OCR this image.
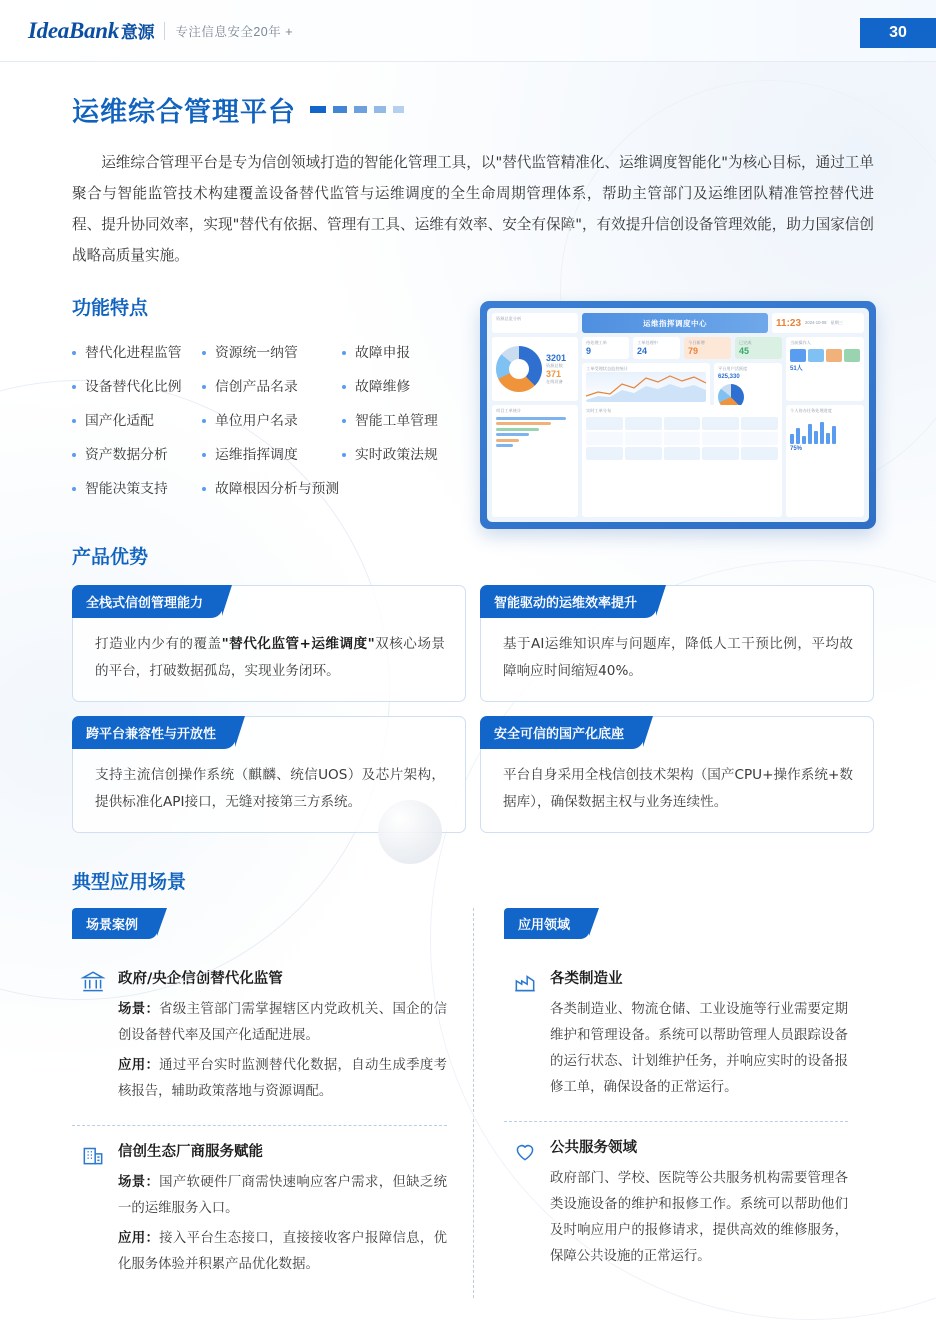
IdeaBank 意源 专注信息安全20年 +	30
运维综合管理平台
运维综合管理平台是专为信创领域打造的智能化管理工具，以"替代监管精准化、运维调度智能化"为核心目标，通过工单聚合与智能监管技术构建覆盖设备替代监管与运维调度的全生命周期管理体系，帮助主管部门及运维团队精准管控替代进程、提升协同效率，实现"替代有依据、管理有工具、运维有效率、安全有保障"，有效提升信创设备管理效能，助力国家信创战略高质量实施。
功能特点
替代化进程监管
设备替代化比例
国产化适配
资产数据分析
智能决策支持
资源统一纳管
信创产品名录
单位用户名录
运维指挥调度
故障根因分析与预测
故障申报
故障维修
智能工单管理
实时政策法规
资源总览分析	运维指挥调度中心	11:23 2024-10-08 星期三
3201
资源总数
371
在线设备
待处理工单
9
工单处理中
24
今日新增
79
已完成
45
工单受理状态监控统计	平台用户活跃度
625,330
当前操作人
51人
项目工单统计	实时工单分布	个人待办任务处理进度
75%
产品优势
全栈式信创管理能力
打造业内少有的覆盖"替代化监管+运维调度"双核心场景的平台，打破数据孤岛，实现业务闭环。
智能驱动的运维效率提升
基于AI运维知识库与问题库，降低人工干预比例，平均故障响应时间缩短40%。
跨平台兼容性与开放性
支持主流信创操作系统（麒麟、统信UOS）及芯片架构，提供标准化API接口，无缝对接第三方系统。
安全可信的国产化底座
平台自身采用全栈信创技术架构（国产CPU+操作系统+数据库），确保数据主权与业务连续性。
典型应用场景
场景案例
政府/央企信创替代化监管
场景：省级主管部门需掌握辖区内党政机关、国企的信创设备替代率及国产化适配进展。
应用：通过平台实时监测替代化数据，自动生成季度考核报告，辅助政策落地与资源调配。
信创生态厂商服务赋能
场景：国产软硬件厂商需快速响应客户需求，但缺乏统一的运维服务入口。
应用：接入平台生态接口，直接接收客户报障信息，优化服务体验并积累产品优化数据。
应用领域
各类制造业
各类制造业、物流仓储、工业设施等行业需要定期维护和管理设备。系统可以帮助管理人员跟踪设备的运行状态、计划维护任务，并响应实时的设备报修工单，确保设备的正常运行。
公共服务领域
政府部门、学校、医院等公共服务机构需要管理各类设施设备的维护和报修工作。系统可以帮助他们及时响应用户的报修请求，提供高效的维修服务，保障公共设施的正常运行。
